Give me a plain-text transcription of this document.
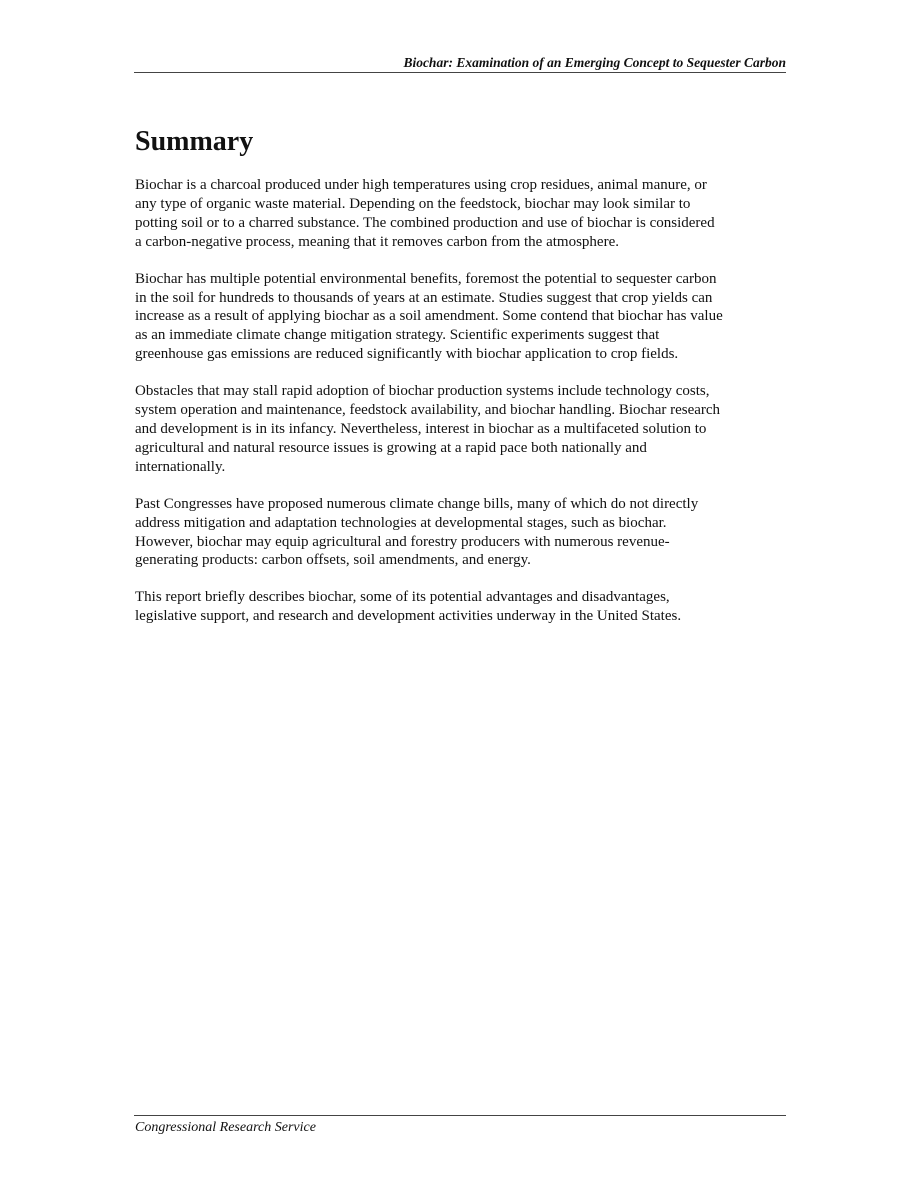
Biochar: Examination of an Emerging Concept to Sequester Carbon
Summary

Biochar is a charcoal produced under high temperatures using crop residues, animal manure, or
any type of organic waste material. Depending on the feedstock, biochar may look similar to
potting soil or to a charred substance. The combined production and use of biochar is considered
a carbon-negative process, meaning that it removes carbon from the atmosphere.

Biochar has multiple potential environmental benefits, foremost the potential to sequester carbon
in the soil for hundreds to thousands of years at an estimate. Studies suggest that crop yields can
increase as a result of applying biochar as a soil amendment. Some contend that biochar has value
as an immediate climate change mitigation strategy. Scientific experiments suggest that
greenhouse gas emissions are reduced significantly with biochar application to crop fields.

Obstacles that may stall rapid adoption of biochar production systems include technology costs,
system operation and maintenance, feedstock availability, and biochar handling. Biochar research
and development is in its infancy. Nevertheless, interest in biochar as a multifaceted solution to
agricultural and natural resource issues is growing at a rapid pace both nationally and
internationally.

Past Congresses have proposed numerous climate change bills, many of which do not directly
address mitigation and adaptation technologies at developmental stages, such as biochar.
However, biochar may equip agricultural and forestry producers with numerous revenue-
generating products: carbon offsets, soil amendments, and energy.

This report briefly describes biochar, some of its potential advantages and disadvantages,
legislative support, and research and development activities underway in the United States.

Congressional Research Service
